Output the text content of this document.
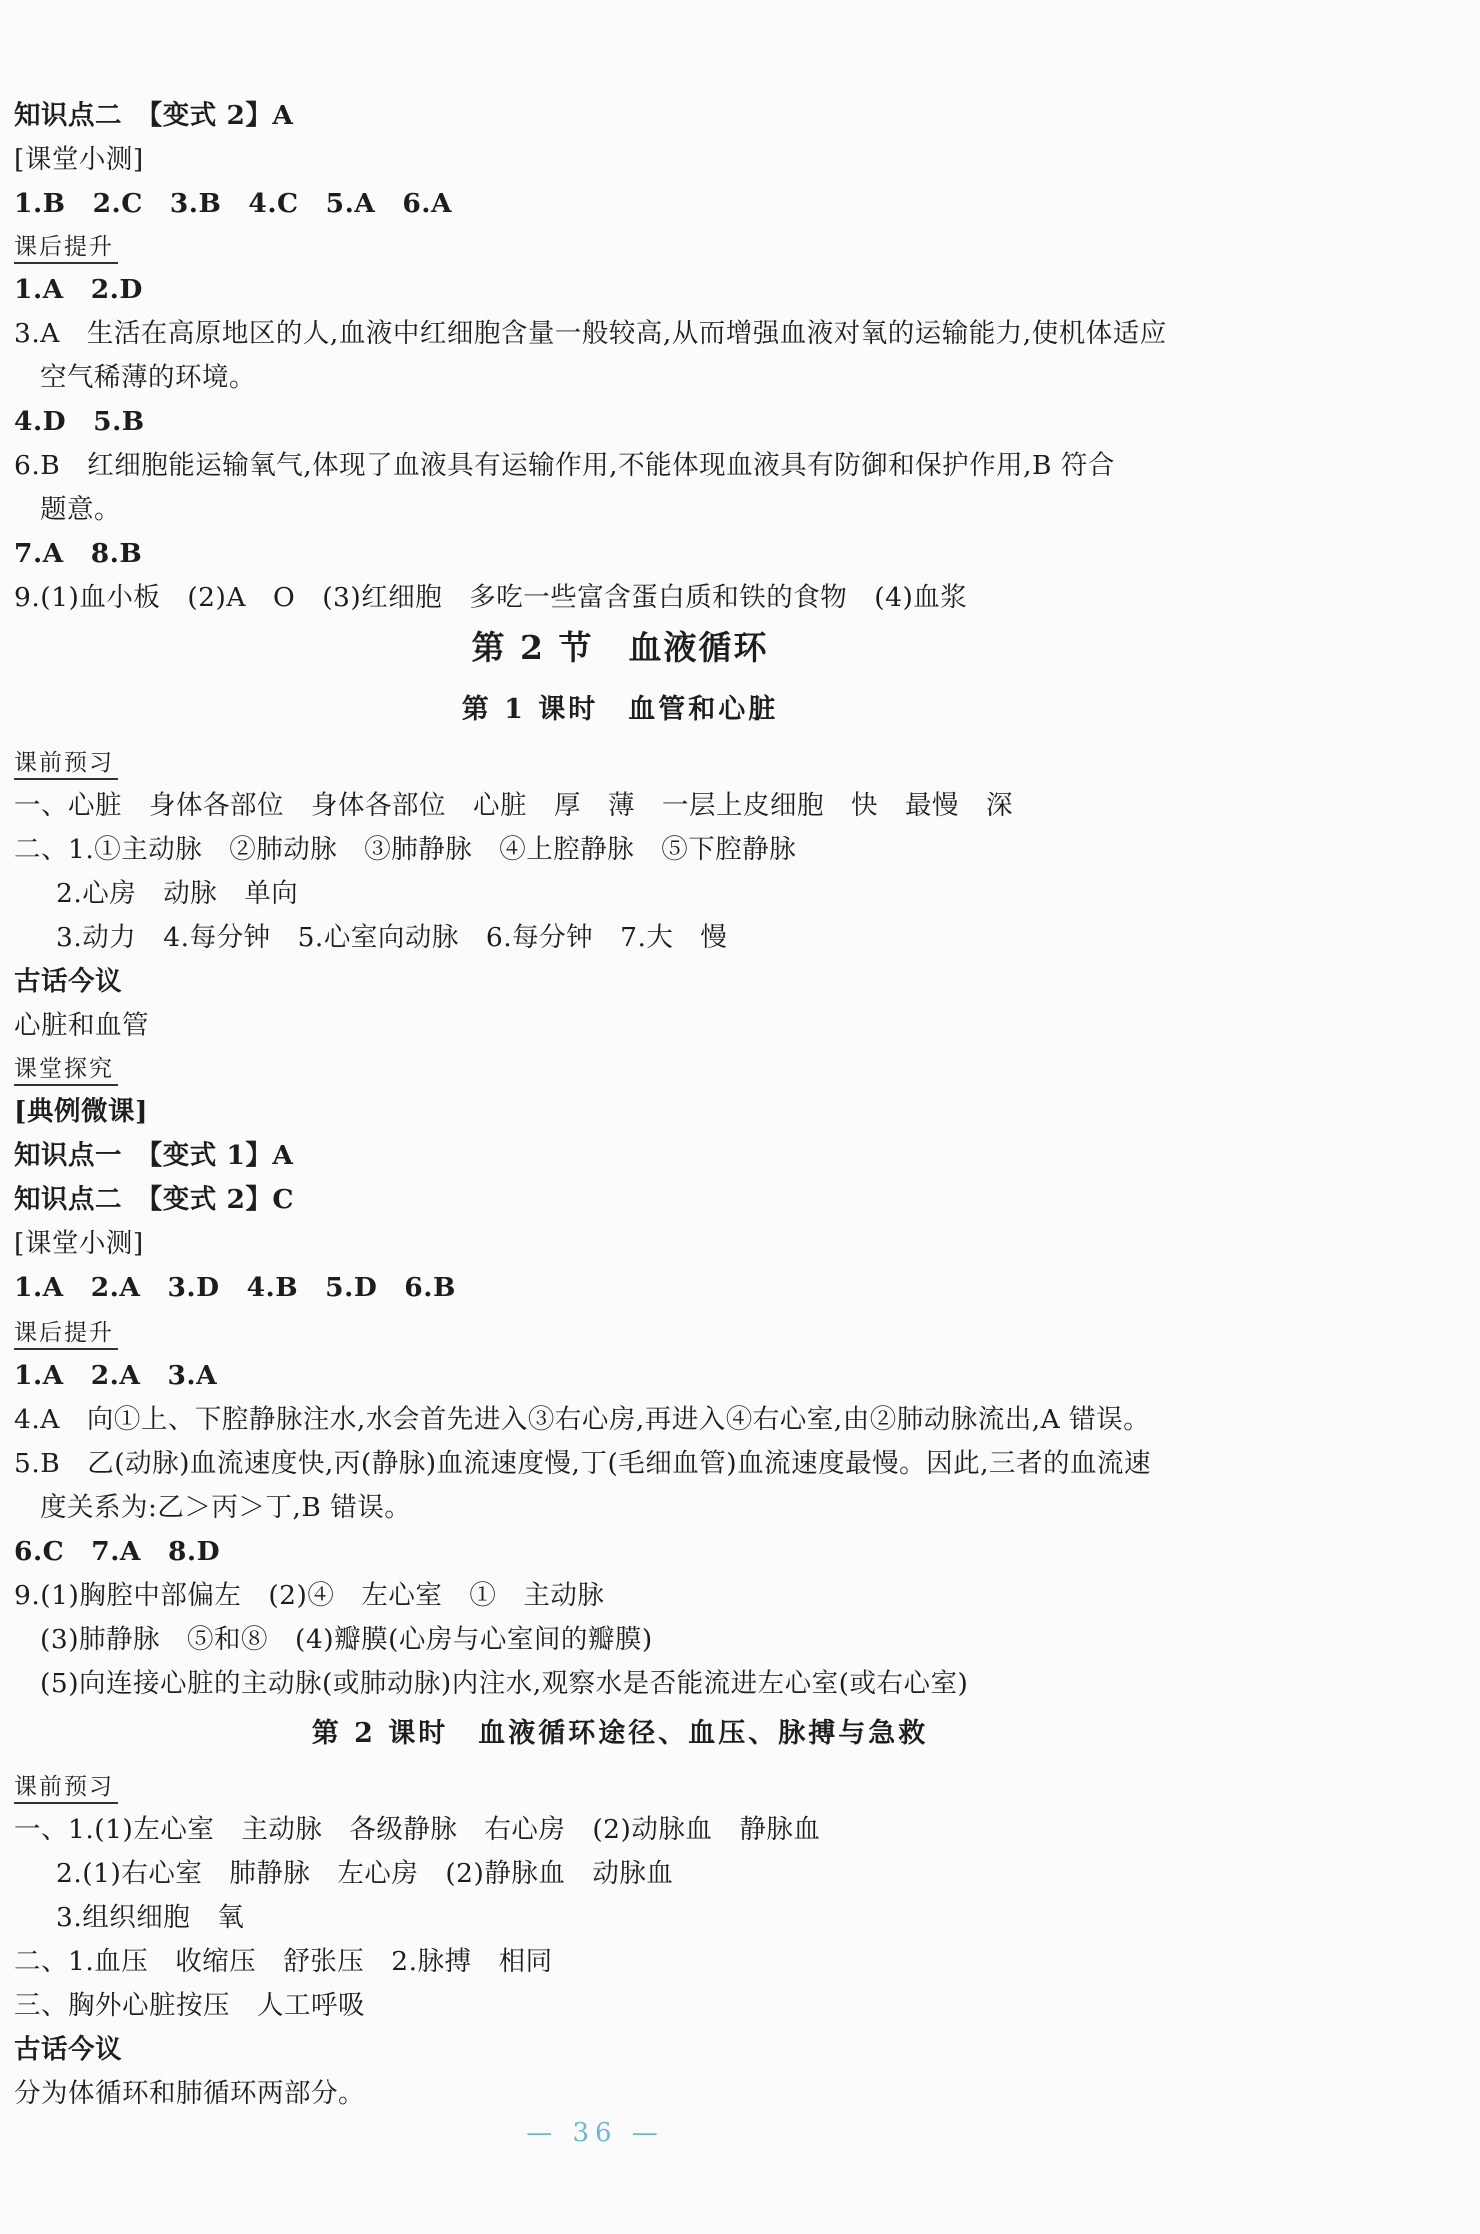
知识点二　【变式 2】A
[课堂小测]
1.B　2.C　3.B　4.C　5.A　6.A
课后提升
1.A　2.D
3.A　生活在高原地区的人,血液中红细胞含量一般较高,从而增强血液对氧的运输能力,使机体适应
空气稀薄的环境。
4.D　5.B
6.B　红细胞能运输氧气,体现了血液具有运输作用,不能体现血液具有防御和保护作用,B 符合
题意。
7.A　8.B
9.(1)血小板　(2)A　O　(3)红细胞　多吃一些富含蛋白质和铁的食物　(4)血浆
第 2 节　血液循环
第 1 课时　血管和心脏
课前预习
一、心脏　身体各部位　身体各部位　心脏　厚　薄　一层上皮细胞　快　最慢　深
二、1.①主动脉　②肺动脉　③肺静脉　④上腔静脉　⑤下腔静脉
2.心房　动脉　单向
3.动力　4.每分钟　5.心室向动脉　6.每分钟　7.大　慢
古话今议
心脏和血管
课堂探究
[典例微课]
知识点一　【变式 1】A
知识点二　【变式 2】C
[课堂小测]
1.A　2.A　3.D　4.B　5.D　6.B
课后提升
1.A　2.A　3.A
4.A　向①上、下腔静脉注水,水会首先进入③右心房,再进入④右心室,由②肺动脉流出,A 错误。
5.B　乙(动脉)血流速度快,丙(静脉)血流速度慢,丁(毛细血管)血流速度最慢。因此,三者的血流速
度关系为:乙＞丙＞丁,B 错误。
6.C　7.A　8.D
9.(1)胸腔中部偏左　(2)④　左心室　①　主动脉
(3)肺静脉　⑤和⑧　(4)瓣膜(心房与心室间的瓣膜)
(5)向连接心脏的主动脉(或肺动脉)内注水,观察水是否能流进左心室(或右心室)
第 2 课时　血液循环途径、血压、脉搏与急救
课前预习
一、1.(1)左心室　主动脉　各级静脉　右心房　(2)动脉血　静脉血
2.(1)右心室　肺静脉　左心房　(2)静脉血　动脉血
3.组织细胞　氧
二、1.血压　收缩压　舒张压　2.脉搏　相同
三、胸外心脏按压　人工呼吸
古话今议
分为体循环和肺循环两部分。
— 36 —
